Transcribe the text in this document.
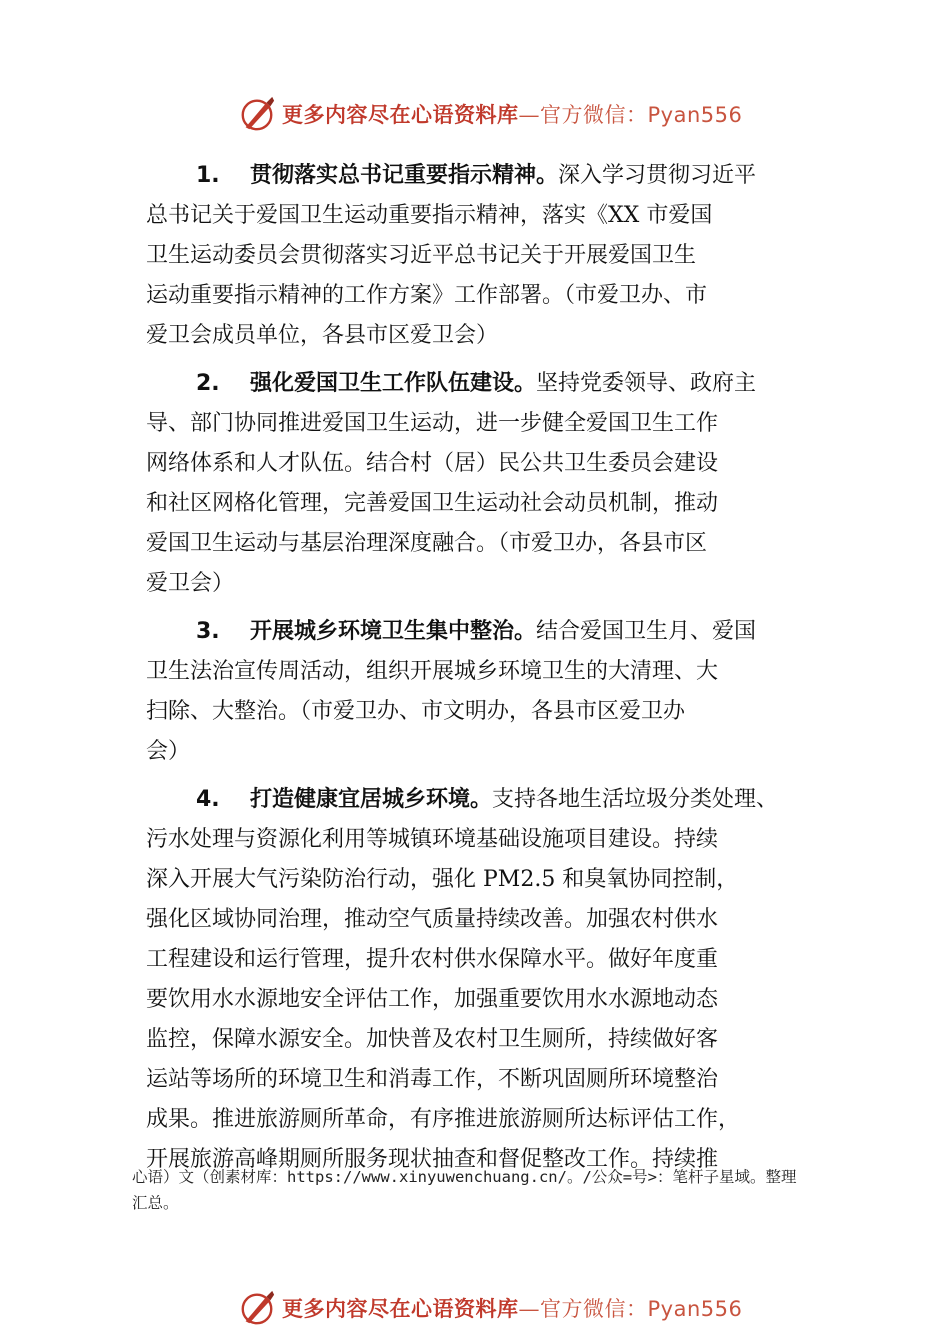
更多内容尽在心语资料库—官方微信：Pyan556
1. 贯彻落实总书记重要指示精神。深入学习贯彻习近平
总书记关于爱国卫生运动重要指示精神，落实《XX 市爱国
卫生运动委员会贯彻落实习近平总书记关于开展爱国卫生
运动重要指示精神的工作方案》工作部署。（市爱卫办、市
爱卫会成员单位，各县市区爱卫会）
2. 强化爱国卫生工作队伍建设。坚持党委领导、政府主
导、部门协同推进爱国卫生运动，进一步健全爱国卫生工作
网络体系和人才队伍。结合村（居）民公共卫生委员会建设
和社区网格化管理，完善爱国卫生运动社会动员机制，推动
爱国卫生运动与基层治理深度融合。（市爱卫办，各县市区
爱卫会）
3. 开展城乡环境卫生集中整治。结合爱国卫生月、爱国
卫生法治宣传周活动，组织开展城乡环境卫生的大清理、大
扫除、大整治。（市爱卫办、市文明办，各县市区爱卫办
会）
4. 打造健康宜居城乡环境。支持各地生活垃圾分类处理、
污水处理与资源化利用等城镇环境基础设施项目建设。持续
深入开展大气污染防治行动，强化 PM2.5 和臭氧协同控制，
强化区域协同治理，推动空气质量持续改善。加强农村供水
工程建设和运行管理，提升农村供水保障水平。做好年度重
要饮用水水源地安全评估工作，加强重要饮用水水源地动态
监控，保障水源安全。加快普及农村卫生厕所，持续做好客
运站等场所的环境卫生和消毒工作，不断巩固厕所环境整治
成果。推进旅游厕所革命，有序推进旅游厕所达标评估工作，
开展旅游高峰期厕所服务现状抽查和督促整改工作。持续推
心语）文（创素材库：https://www.xinyuwenchuang.cn/。/公众=号>：笔杆子星域。整理
汇总。
更多内容尽在心语资料库—官方微信：Pyan556
